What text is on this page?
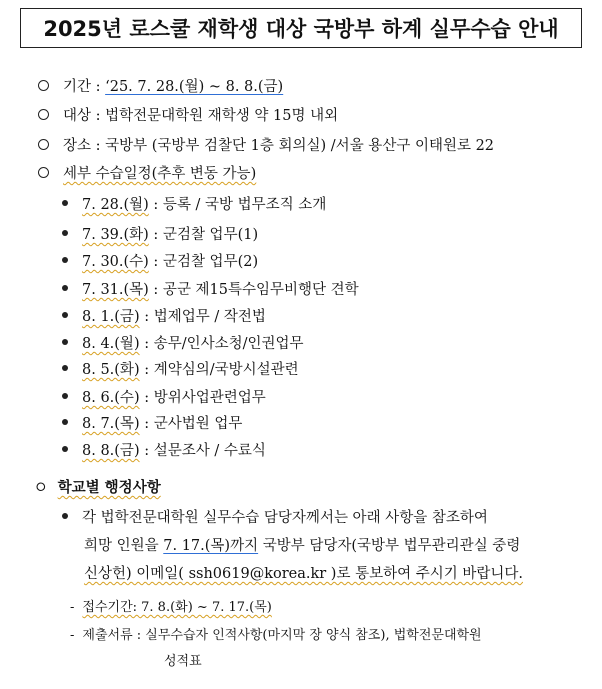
2025년 로스쿨 재학생 대상 국방부 하계 실무수습 안내
기간 : ‘25. 7. 28.(월) ~ 8. 8.(금)
대상 : 법학전문대학원 재학생 약 15명 내외
장소 : 국방부 (국방부 검찰단 1층 회의실) /서울 용산구 이태원로 22
세부 수습일정(추후 변동 가능)
7. 28.(월) : 등록 / 국방 법무조직 소개
7. 39.(화) : 군검찰 업무(1)
7. 30.(수) : 군검찰 업무(2)
7. 31.(목) : 공군 제15특수임무비행단 견학
8. 1.(금) : 법제업무 / 작전법
8. 4.(월) : 송무/인사소청/인권업무
8. 5.(화) : 계약심의/국방시설관련
8. 6.(수) : 방위사업관련업무
8. 7.(목) : 군사법원 업무
8. 8.(금) : 설문조사 / 수료식
⭘ 학교별 행정사항
각 법학전문대학원 실무수습 담당자께서는 아래 사항을 참조하여
희망 인원을 7. 17.(목)까지 국방부 담당자(국방부 법무관리관실 중령
신상헌) 이메일( ssh0619@korea.kr )로 통보하여 주시기 바랍니다.
- 접수기간: 7. 8.(화) ~ 7. 17.(목)
- 제출서류 : 실무수습자 인적사항(마지막 장 양식 참조), 법학전문대학원
성적표
